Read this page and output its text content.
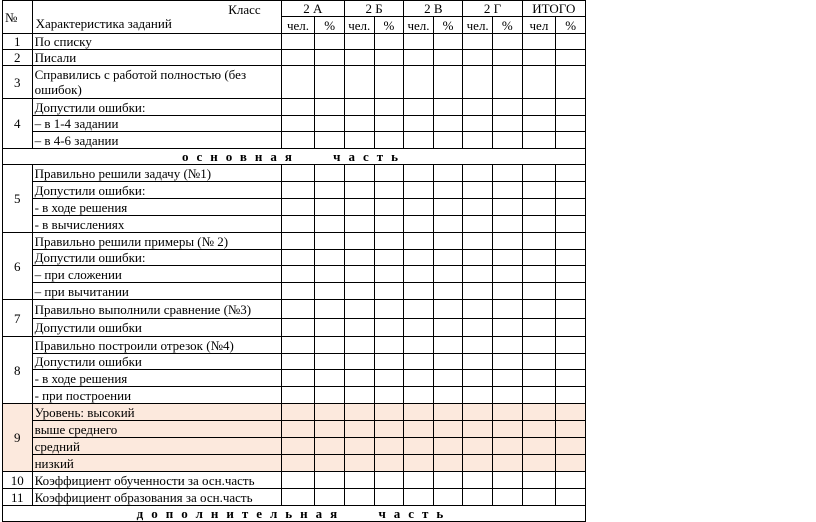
№	Класс
Характеристика заданий	2 А		2 Б		2 В		2 Г		ИТОГО	
		чел.	%	чел.	%	чел.	%	чел.	%	чел	%
1	По списку										
2	Писали										
3	Справились с работой полностью (без ошибок)										
4	Допустили ошибки:										
	– в 1-4 задании										
	– в 4-6 задании										
основная часть											
5	Правильно решили задачу (№1)										
	Допустили ошибки:										
	- в ходе решения										
	- в вычислениях										
6	Правильно решили примеры (№ 2)										
	Допустили ошибки:										
	– при сложении										
	– при вычитании										
7	Правильно выполнили сравнение (№3)										
	Допустили ошибки										
8	Правильно построили отрезок (№4)										
	Допустили ошибки										
	- в ходе решения										
	- при построении										
9	Уровень: высокий										
	выше среднего										
	средний										
	низкий										
10	Коэффициент обученности за осн.часть										
11	Коэффициент образования за осн.часть										
дополнительная часть											
